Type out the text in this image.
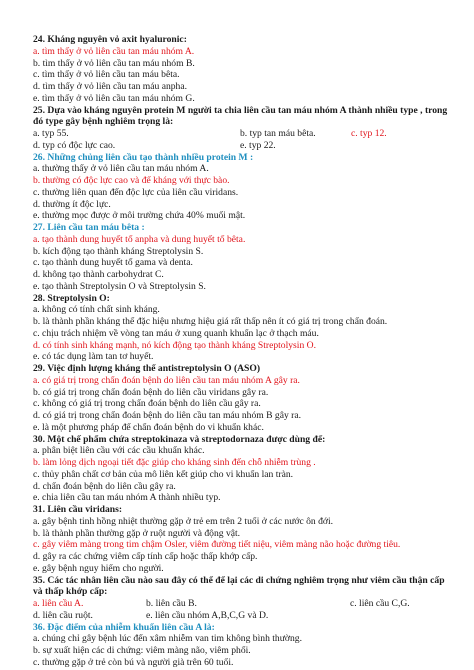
24. Kháng nguyên vỏ axit hyaluronic:
a. tìm thấy ở vỏ liên cầu tan máu nhóm A.
b. tìm thấy ở vỏ liên cầu tan máu nhóm B.
c. tìm thấy ở vỏ liên cầu tan máu bêta.
d. tìm thấy ở vỏ liên cầu tan máu anpha.
e. tìm thấy ở vỏ liên cầu tan máu nhóm G.
25. Dựa vào kháng nguyên protein M người ta chia liên cầu tan máu nhóm A thành nhiều type , trong đó type gây bệnh nghiêm trọng là:
a. typ 55.	b. typ tan máu bêta.	c. typ 12.
d. typ có độc lực cao.	e. typ 22.
26. Những chủng liên cầu tạo thành nhiều protein M :
a. thường thấy ở vỏ liên cầu tan máu nhóm A.
b. thường có độc lực cao và để kháng với thực bào.
c. thường liên quan đến độc lực của liên cầu viridans.
d. thường ít độc lực.
e. thường mọc được ở môi trường chứa 40% muối mật.
27. Liên cầu tan máu bêta :
a. tạo thành dung huyết tố anpha và dung huyết tố bêta.
b. kích động tạo thành kháng Streptolysin S.
c. tạo thành dung huyết tố gama và denta.
d. không tạo thành carbohydrat C.
e. tạo thành Streptolysin O và Streptolysin S.
28. Streptolysin O:
a. không có tính chất sinh kháng.
b. là thành phần kháng thể đặc hiệu nhưng hiệu giá rất thấp nên ít có giá trị trong chẩn đoán.
c. chịu trách nhiệm về vòng tan máu ở xung quanh khuẩn lạc ở thạch máu.
d. có tính sinh kháng mạnh, nó kích động tạo thành kháng Streptolysin O.
e. có tác dụng làm tan tơ huyết.
29. Việc định lượng kháng thể antistreptolysin O (ASO)
a. có giá trị trong chẩn đoán bệnh do liên cầu tan máu nhóm A gây ra.
b. có giá trị trong chẩn đoán bệnh do liên cầu viridans gây ra.
c. không có giá trị trong chẩn đoán bệnh do liên cầu gây ra.
d. có giá trị trong chẩn đoán bệnh do liên cầu tan máu nhóm B gây ra.
e. là một phương pháp để chẩn đoán bệnh do vi khuẩn khác.
30. Một chế phẩm chứa streptokinaza và streptodornaza được dùng để:
a. phân biệt liên cầu với các cầu khuẩn khác.
b. làm lỏng dịch ngoại tiết đặc giúp cho kháng sinh đến chỗ nhiễm trùng .
c. thủy phân chất cơ bản của mô liên kết giúp cho vi khuẩn lan tràn.
d. chẩn đoán bệnh do liên cầu gây ra.
e. chia liên cầu tan máu nhóm A thành nhiều typ.
31. Liên cầu viridans:
a. gây bệnh tinh hồng nhiệt thường gặp ở trẻ em trên 2 tuổi ở các nước ôn đới.
b. là thành phần thường gặp ở ruột người và động vật.
c. gây viêm màng trong tim chậm Osler, viêm đường tiết niệu, viêm màng não hoặc đường tiêu.
d. gây ra các chứng viêm cấp tính cấp hoặc thấp khớp cấp.
e. gây bệnh nguy hiểm cho người.
35. Các tác nhân liên cầu nào sau đây có thể để lại các di chứng nghiêm trọng như viêm cầu thận cấp và thấp khớp cấp:
a. liên cầu A.	b. liên cầu B.	c. liên cầu C,G.
d. liên cầu ruột.	e. liên cầu nhóm A,B,C,G và D.
36. Đặc điểm của nhiễm khuẩn liên cầu A là:
a. chúng chỉ gây bệnh lúc đến xâm nhiễm van tim không bình thường.
b. sự xuất hiện các di chứng: viêm màng não, viêm phổi.
c. thường gặp ở trẻ còn bú và người già trên 60 tuổi.
